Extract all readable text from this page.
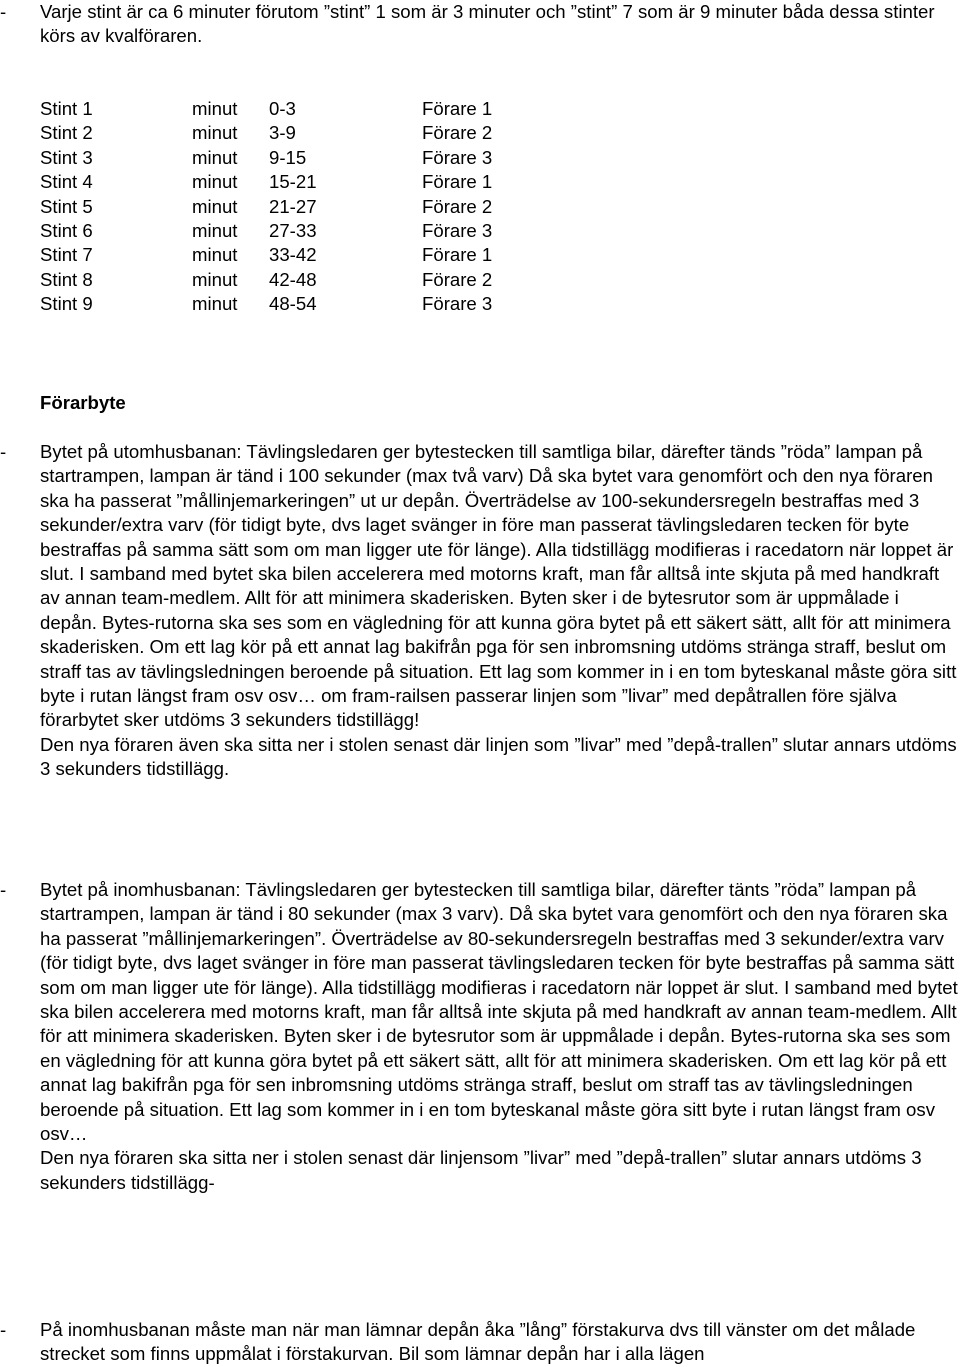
-	Varje stint är ca 6 minuter förutom ”stint” 1 som är 3 minuter och ”stint” 7 som är 9 minuter båda dessa stinter körs av kvalföraren.

Stint 1	minut	0-3	Förare 1
Stint 2	minut	3-9	Förare 2
Stint 3	minut	9-15	Förare 3
Stint 4	minut	15-21	Förare 1
Stint 5	minut	21-27	Förare 2
Stint 6	minut	27-33	Förare 3
Stint 7	minut	33-42	Förare 1
Stint 8	minut	42-48	Förare 2
Stint 9	minut	48-54	Förare 3
Förarbyte
-	Bytet på utomhusbanan: Tävlingsledaren ger bytestecken till samtliga bilar, därefter tänds ”röda” lampan på startrampen, lampan är tänd i 100 sekunder (max två varv) Då ska bytet vara genomfört och den nya föraren ska ha passerat ”mållinjemarkeringen” ut ur depån. Överträdelse av 100-sekundersregeln bestraffas med 3 sekunder/extra varv (för tidigt byte, dvs laget svänger in före man passerat tävlingsledaren tecken för byte bestraffas på samma sätt som om man ligger ute för länge). Alla tidstillägg modifieras i racedatorn när loppet är slut. I samband med bytet ska bilen accelerera med motorns kraft, man får alltså inte skjuta på med handkraft av annan team-medlem. Allt för att minimera skaderisken. Byten sker i de bytesrutor som är uppmålade i depån. Bytes-rutorna ska ses som en vägledning för att kunna göra bytet på ett säkert sätt, allt för att minimera skaderisken. Om ett lag kör på ett annat lag bakifrån pga för sen inbromsning utdöms stränga straff, beslut om straff tas av tävlingsledningen beroende på situation. Ett lag som kommer in i en tom byteskanal måste göra sitt byte i rutan längst fram osv osv… om fram-railsen passerar linjen som ”livar” med depåtrallen före själva förarbytet sker utdöms 3 sekunders tidstillägg!

Den nya föraren även ska sitta ner i stolen senast där linjen som ”livar” med ”depå-trallen” slutar annars utdöms 3 sekunders tidstillägg.

-	Bytet på inomhusbanan: Tävlingsledaren ger bytestecken till samtliga bilar, därefter tänts ”röda” lampan på startrampen, lampan är tänd i 80 sekunder (max 3 varv). Då ska bytet vara genomfört och den nya föraren ska ha passerat ”mållinjemarkeringen”. Överträdelse av 80-sekundersregeln bestraffas med 3 sekunder/extra varv (för tidigt byte, dvs laget svänger in före man passerat tävlingsledaren tecken för byte bestraffas på samma sätt som om man ligger ute för länge). Alla tidstillägg modifieras i racedatorn när loppet är slut. I samband med bytet ska bilen accelerera med motorns kraft, man får alltså inte skjuta på med handkraft av annan team-medlem. Allt för att minimera skaderisken. Byten sker i de bytesrutor som är uppmålade i depån. Bytes-rutorna ska ses som en vägledning för att kunna göra bytet på ett säkert sätt, allt för att minimera skaderisken. Om ett lag kör på ett annat lag bakifrån pga för sen inbromsning utdöms stränga straff, beslut om straff tas av tävlingsledningen beroende på situation. Ett lag som kommer in i en tom byteskanal måste göra sitt byte i rutan längst fram osv osv…

Den nya föraren ska sitta ner i stolen senast där linjensom ”livar” med ”depå-trallen” slutar annars utdöms 3 sekunders tidstillägg-

-	På inomhusbanan måste man när man lämnar depån åka ”lång” förstakurva dvs till vänster om det målade strecket som finns uppmålat i förstakurvan. Bil som lämnar depån har i alla lägen
